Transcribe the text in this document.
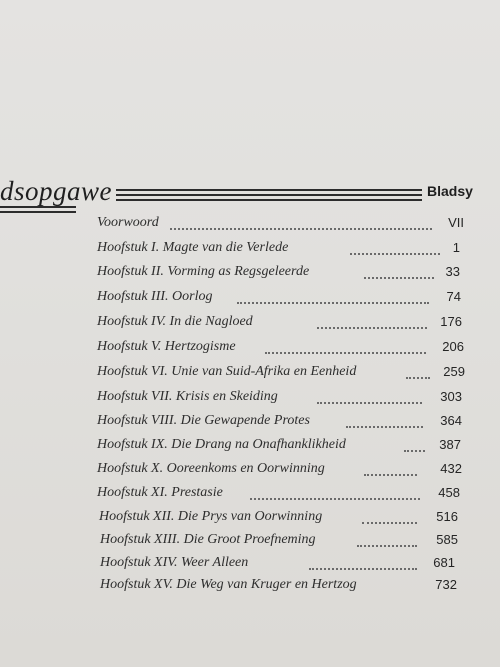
dsopgawe	Bladsy
Voorwoord	VII
Hoofstuk I. Magte van die Verlede	1
Hoofstuk II. Vorming as Regsgeleerde	33
Hoofstuk III. Oorlog	74
Hoofstuk IV. In die Nagloed	176
Hoofstuk V. Hertzogisme	206
Hoofstuk VI. Unie van Suid-Afrika en Eenheid	259
Hoofstuk VII. Krisis en Skeiding	303
Hoofstuk VIII. Die Gewapende Protes	364
Hoofstuk IX. Die Drang na Onafhanklikheid	387
Hoofstuk X. Ooreenkoms en Oorwinning	432
Hoofstuk XI. Prestasie	458
Hoofstuk XII. Die Prys van Oorwinning	516
Hoofstuk XIII. Die Groot Proefneming	585
Hoofstuk XIV. Weer Alleen	681
Hoofstuk XV. Die Weg van Kruger en Hertzog	732
